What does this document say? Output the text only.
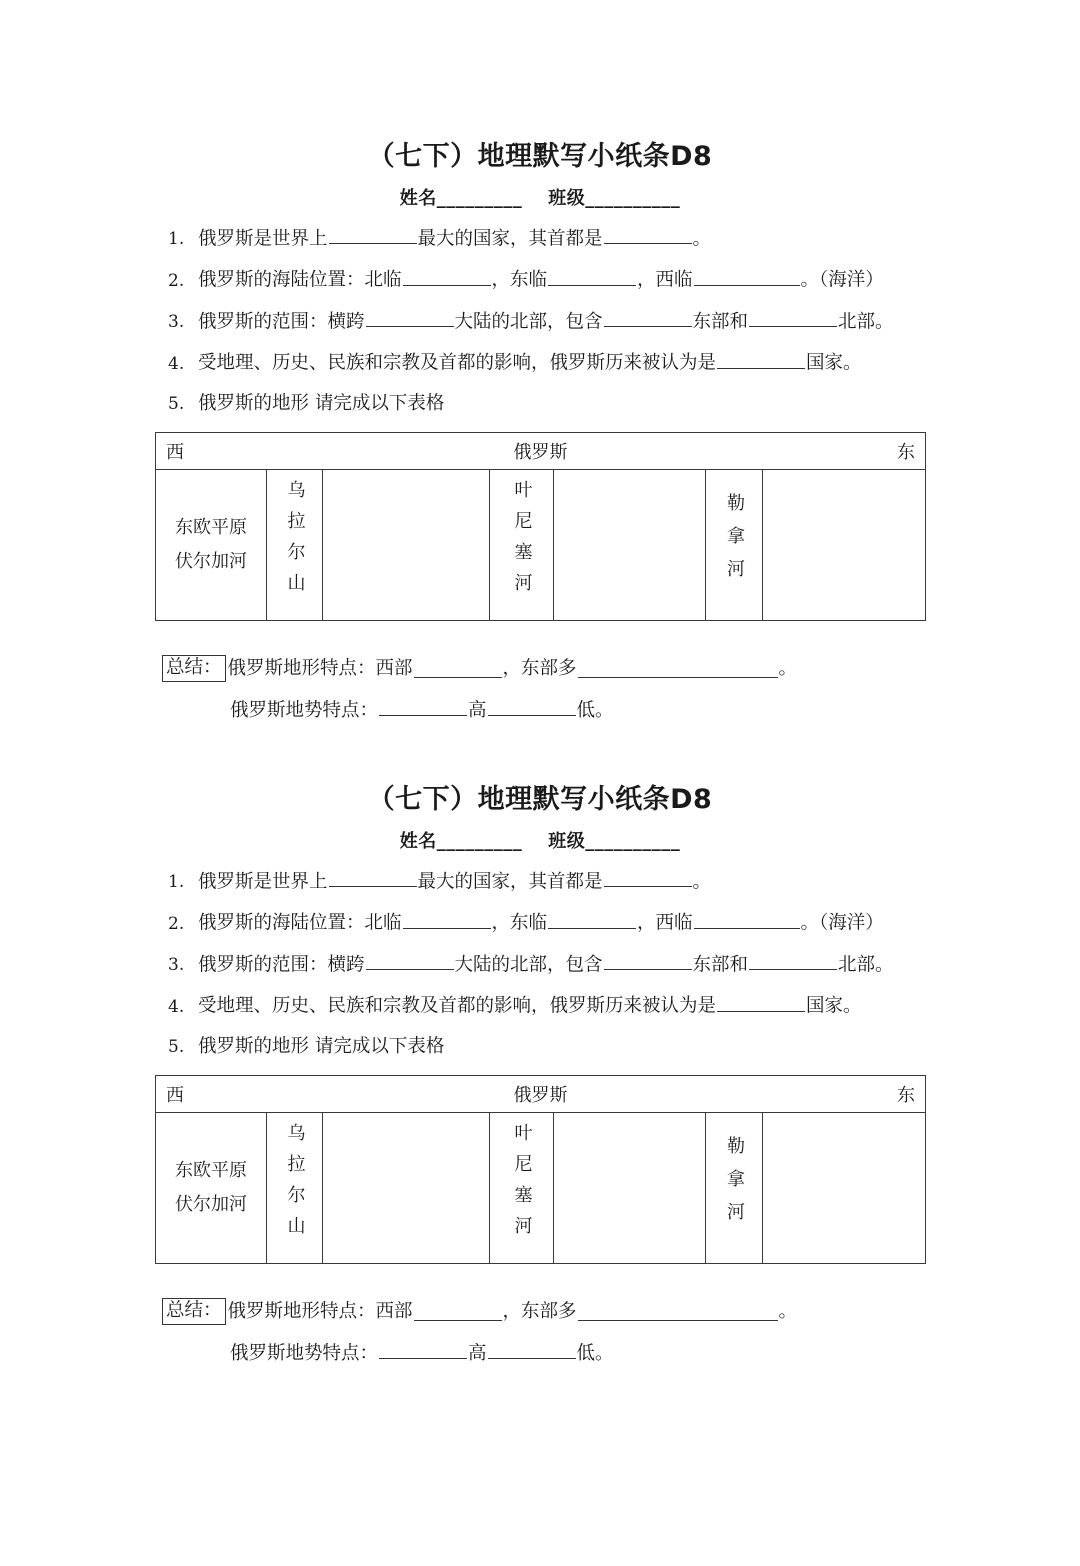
（七下）地理默写小纸条D8
姓名_________ 班级__________
1. 俄罗斯是世界上	最大的国家，其首都是	。
2. 俄罗斯的海陆位置：北临	，东临	，西临	。（海洋）
3. 俄罗斯的范围：横跨	大陆的北部，包含	东部和	北部。
4. 受地理、历史、民族和宗教及首都的影响，俄罗斯历来被认为是	国家。
5. 俄罗斯的地形 请完成以下表格
西	俄罗斯	东

东欧平原
伏尔加河	乌拉尔山		叶尼塞河		勒拿河	
总结： 俄罗斯地形特点：西部	，东部多	。
俄罗斯地势特点：	高	低。
（七下）地理默写小纸条D8
姓名_________ 班级__________
1. 俄罗斯是世界上	最大的国家，其首都是	。
2. 俄罗斯的海陆位置：北临	，东临	，西临	。（海洋）
3. 俄罗斯的范围：横跨	大陆的北部，包含	东部和	北部。
4. 受地理、历史、民族和宗教及首都的影响，俄罗斯历来被认为是	国家。
5. 俄罗斯的地形 请完成以下表格
西	俄罗斯	东

东欧平原
伏尔加河	乌拉尔山		叶尼塞河		勒拿河	
总结： 俄罗斯地形特点：西部	，东部多	。
俄罗斯地势特点：	高	低。
